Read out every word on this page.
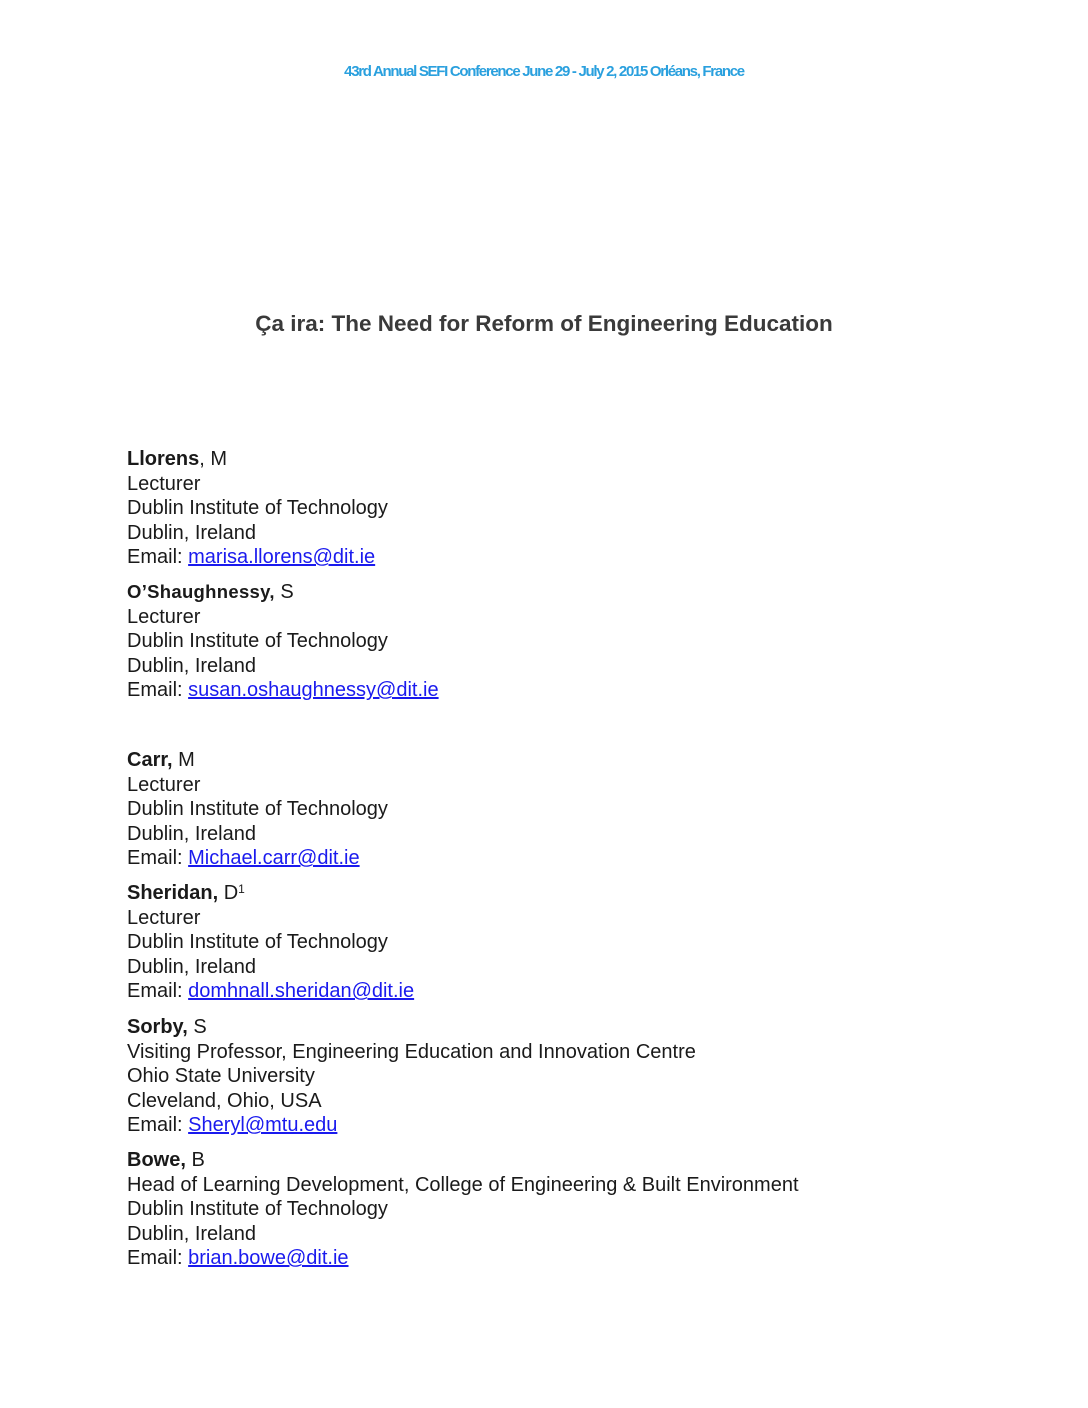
43rd Annual SEFI Conference June 29 - July 2, 2015 Orléans, France
Ça ira: The Need for Reform of Engineering Education
Llorens, M
Lecturer
Dublin Institute of Technology
Dublin, Ireland
Email: marisa.llorens@dit.ie
O’Shaughnessy, S
Lecturer
Dublin Institute of Technology
Dublin, Ireland
Email: susan.oshaughnessy@dit.ie
Carr, M
Lecturer
Dublin Institute of Technology
Dublin, Ireland
Email: Michael.carr@dit.ie
Sheridan, $D^1$
Lecturer
Dublin Institute of Technology
Dublin, Ireland
Email: domhnall.sheridan@dit.ie
Sorby, S
Visiting Professor, Engineering Education and Innovation Centre
Ohio State University
Cleveland, Ohio, USA
Email: Sheryl@mtu.edu
Bowe, B
Head of Learning Development, College of Engineering & Built Environment
Dublin Institute of Technology
Dublin, Ireland
Email: brian.bowe@dit.ie
